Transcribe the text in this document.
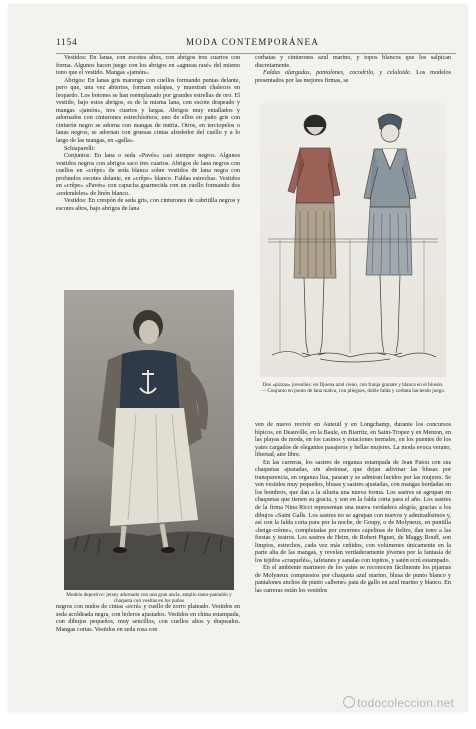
1154	MODA CONTEMPORÁNEA

Vestidos: En lanas, con escotes altos, con abrigos tres cuartos con forma. Algunos hacen juego con los abrigos en «agneau rasé» del mismo tono que el vestido. Mangas «jamón».

Abrigos: En lanas gris marengo con cuellos formando puntas delante, pero que, una vez abiertos, forman solapas, y muestran chalecos en leopardo. Los botones se han reemplazado por grandes estrellas de oro. El vestido, bajo estos abrigos, es de la misma lana, con escote drapeado y mangas «jamón», tres cuartos y largas. Abrigos muy entallados y adornados con cinturones estrechísimos; uno de ellos en paño gris con cinturón negro se adorna con mangas de nutria. Otros, en terciopelos o lanas negros, se adornan con gruesas cintas alrededor del cuello y a lo largo de las mangas, en «galla».

Schiaparelli:

Conjuntos: En lana o seda «Pavés» casi siempre negros. Algunos vestidos negros con abrigos saco tres cuartos. Abrigos de lana negros con cuellos en «crêpe» de seda blanca sobre vestidos de lana negra con profundos escotes delante, en «crêpe» blanco. Faldas estrechas. Vestidos en «crêpe» «Pavés» con capucha guarnecida con un cuello formando dos «redondeles» de linón blanco.

Vestidos: En crespón de seda gris, con cinturones de cabritilla negros y escotes altos, bajo abrigos de lana

corbatas y cinturones azul marino, y topos blancos que los salpican discretamente.

Faldas alargadas, pantalones, cocodrilo, y celuloide. Los modelos presentados por las mejores firmas, se

Dos «pizzas» juveniles: en Djoena azul cieno, con franja granate y blanca en el blusón. — Conjunto en punto de lana malva, con pliegues, doble falda y corbata haciendo juego.

ven de nuevo revivir en Auteuil y en Longchamp, durante los concursos hípicos, en Deauville, en la Baule, en Biarritz, en Saint-Tropez y en Menton, en las playas de moda, en los casinos y estaciones termales, en los puentes de los yates cargados de elegantes pasajeros y bellas mujeres. La moda evoca verano, libertad, aire libre.

En las carreras, los sastres de organza estampada de Jean Patou con sus chaquetas ajustadas, sin abotonar, que dejan adivinar las blusas por transparencia, en organza lisa, pasean y se admiran lucidos por las mujeres. Se ven vestidos muy pequeños, blusas y sastres ajustadas, con mangas bordadas en los hombros, que dan a la silueta una nueva forma. Los sastres se agrupan en chaquetas que tienen su gracia, y son en la falda corta para el año. Los sastres de la firma Nina Ricci representan una nueva verdadera alegría, gracias a los dibujos «Saint Galls. Los sastres no se agrupan con nuevos y admiradísimos y, así con la falda corta para por la noche, de Goupy, o de Molyneux, en puntilla «beige-crème», completadas por enormes capelinas de fieltro, dan tono a las fiestas y teatros. Los sastres de Heim, de Robert Piguet, de Maggy Rouff, son limpios, estrechos, cada vez más ceñidos, con volúmenes únicamente en la parte alta de las mangas, y revelan verdaderamente jóvenes por la fantasía de los tejidos «craquelés», tafetanes y sanalas con topitos, y satén ecrú estampado.

En el ambiente marinero de los yates se reconocen fácilmente los pijamas de Molyneux compuestos por chaqueta azul marino, blusa de punto blanco y pantalones anchos de punto «albene» pata de gallo en azul marino y blanco. En las carreras están los vestidos

Modelo deportivo: jersey adornado con una gran ancla, amplio tanto-pantalón y chaqueta con vueltas en los puños

negros con nudos de cintas «ecrú» y cuello de zorro plateado. Vestidos en seda acoldeada negra, con boleros ajustados. Vestidos en china estampada, con dibujos pequeños, muy sencillos, con cuellos altos y drapeados. Mangas cortas. Vestidos en seda rosa con

todocoleccion.net
